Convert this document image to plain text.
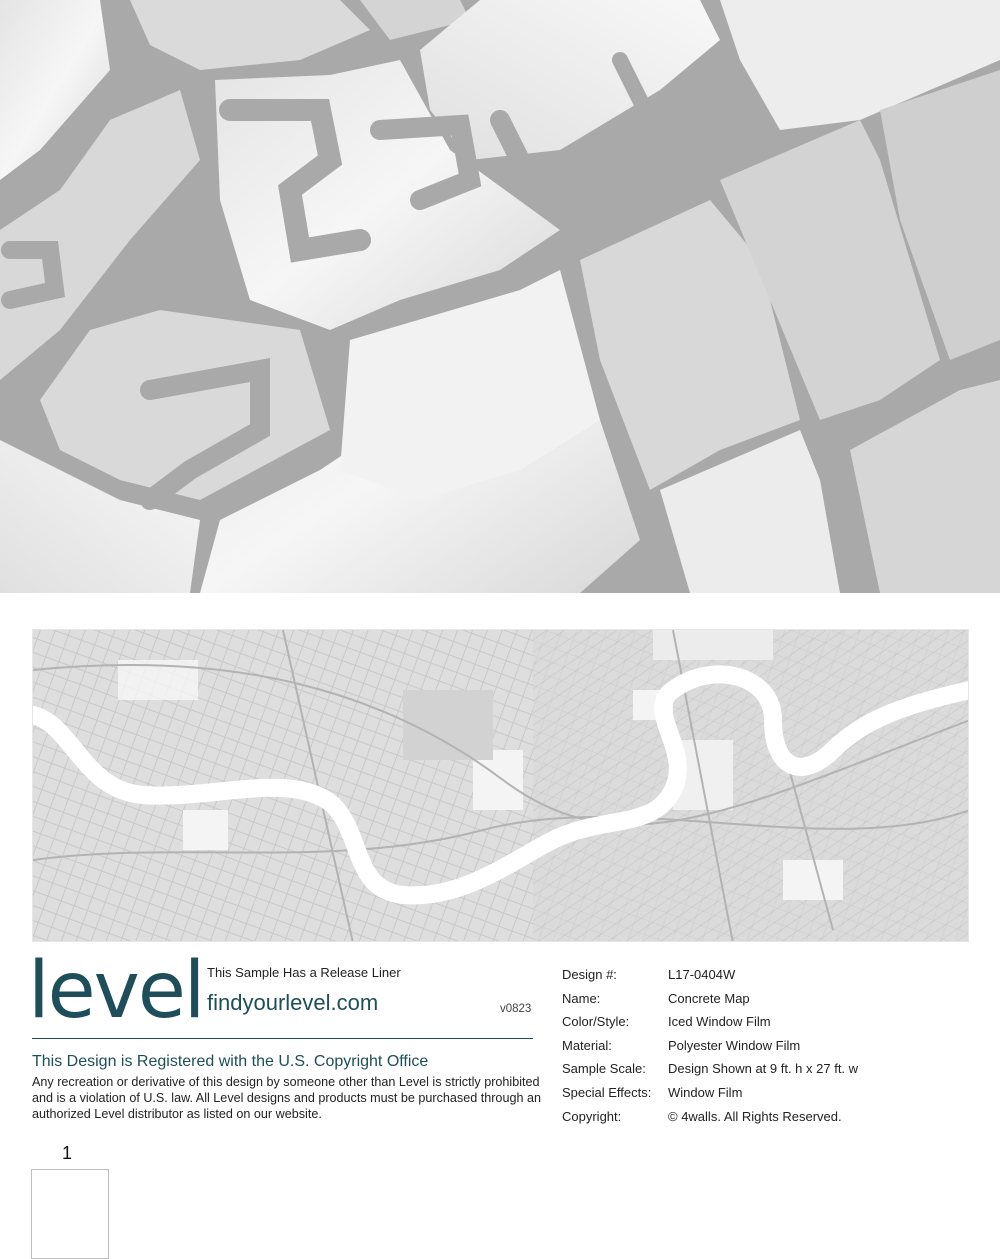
level This Sample Has a Release Liner
findyourlevel.com	v0823
This Design is Registered with the U.S. Copyright Office
Any recreation or derivative of this design by someone other than Level is strictly prohibited and is a violation of U.S. law. All Level designs and products must be purchased through an authorized Level distributor as listed on our website.
Design #:	L17-0404W
Name:	Concrete Map
Color/Style:	Iced Window Film
Material:	Polyester Window Film
Sample Scale:	Design Shown at 9 ft. h x 27 ft. w
Special Effects:	Window Film
Copyright:	© 4walls. All Rights Reserved.
1
